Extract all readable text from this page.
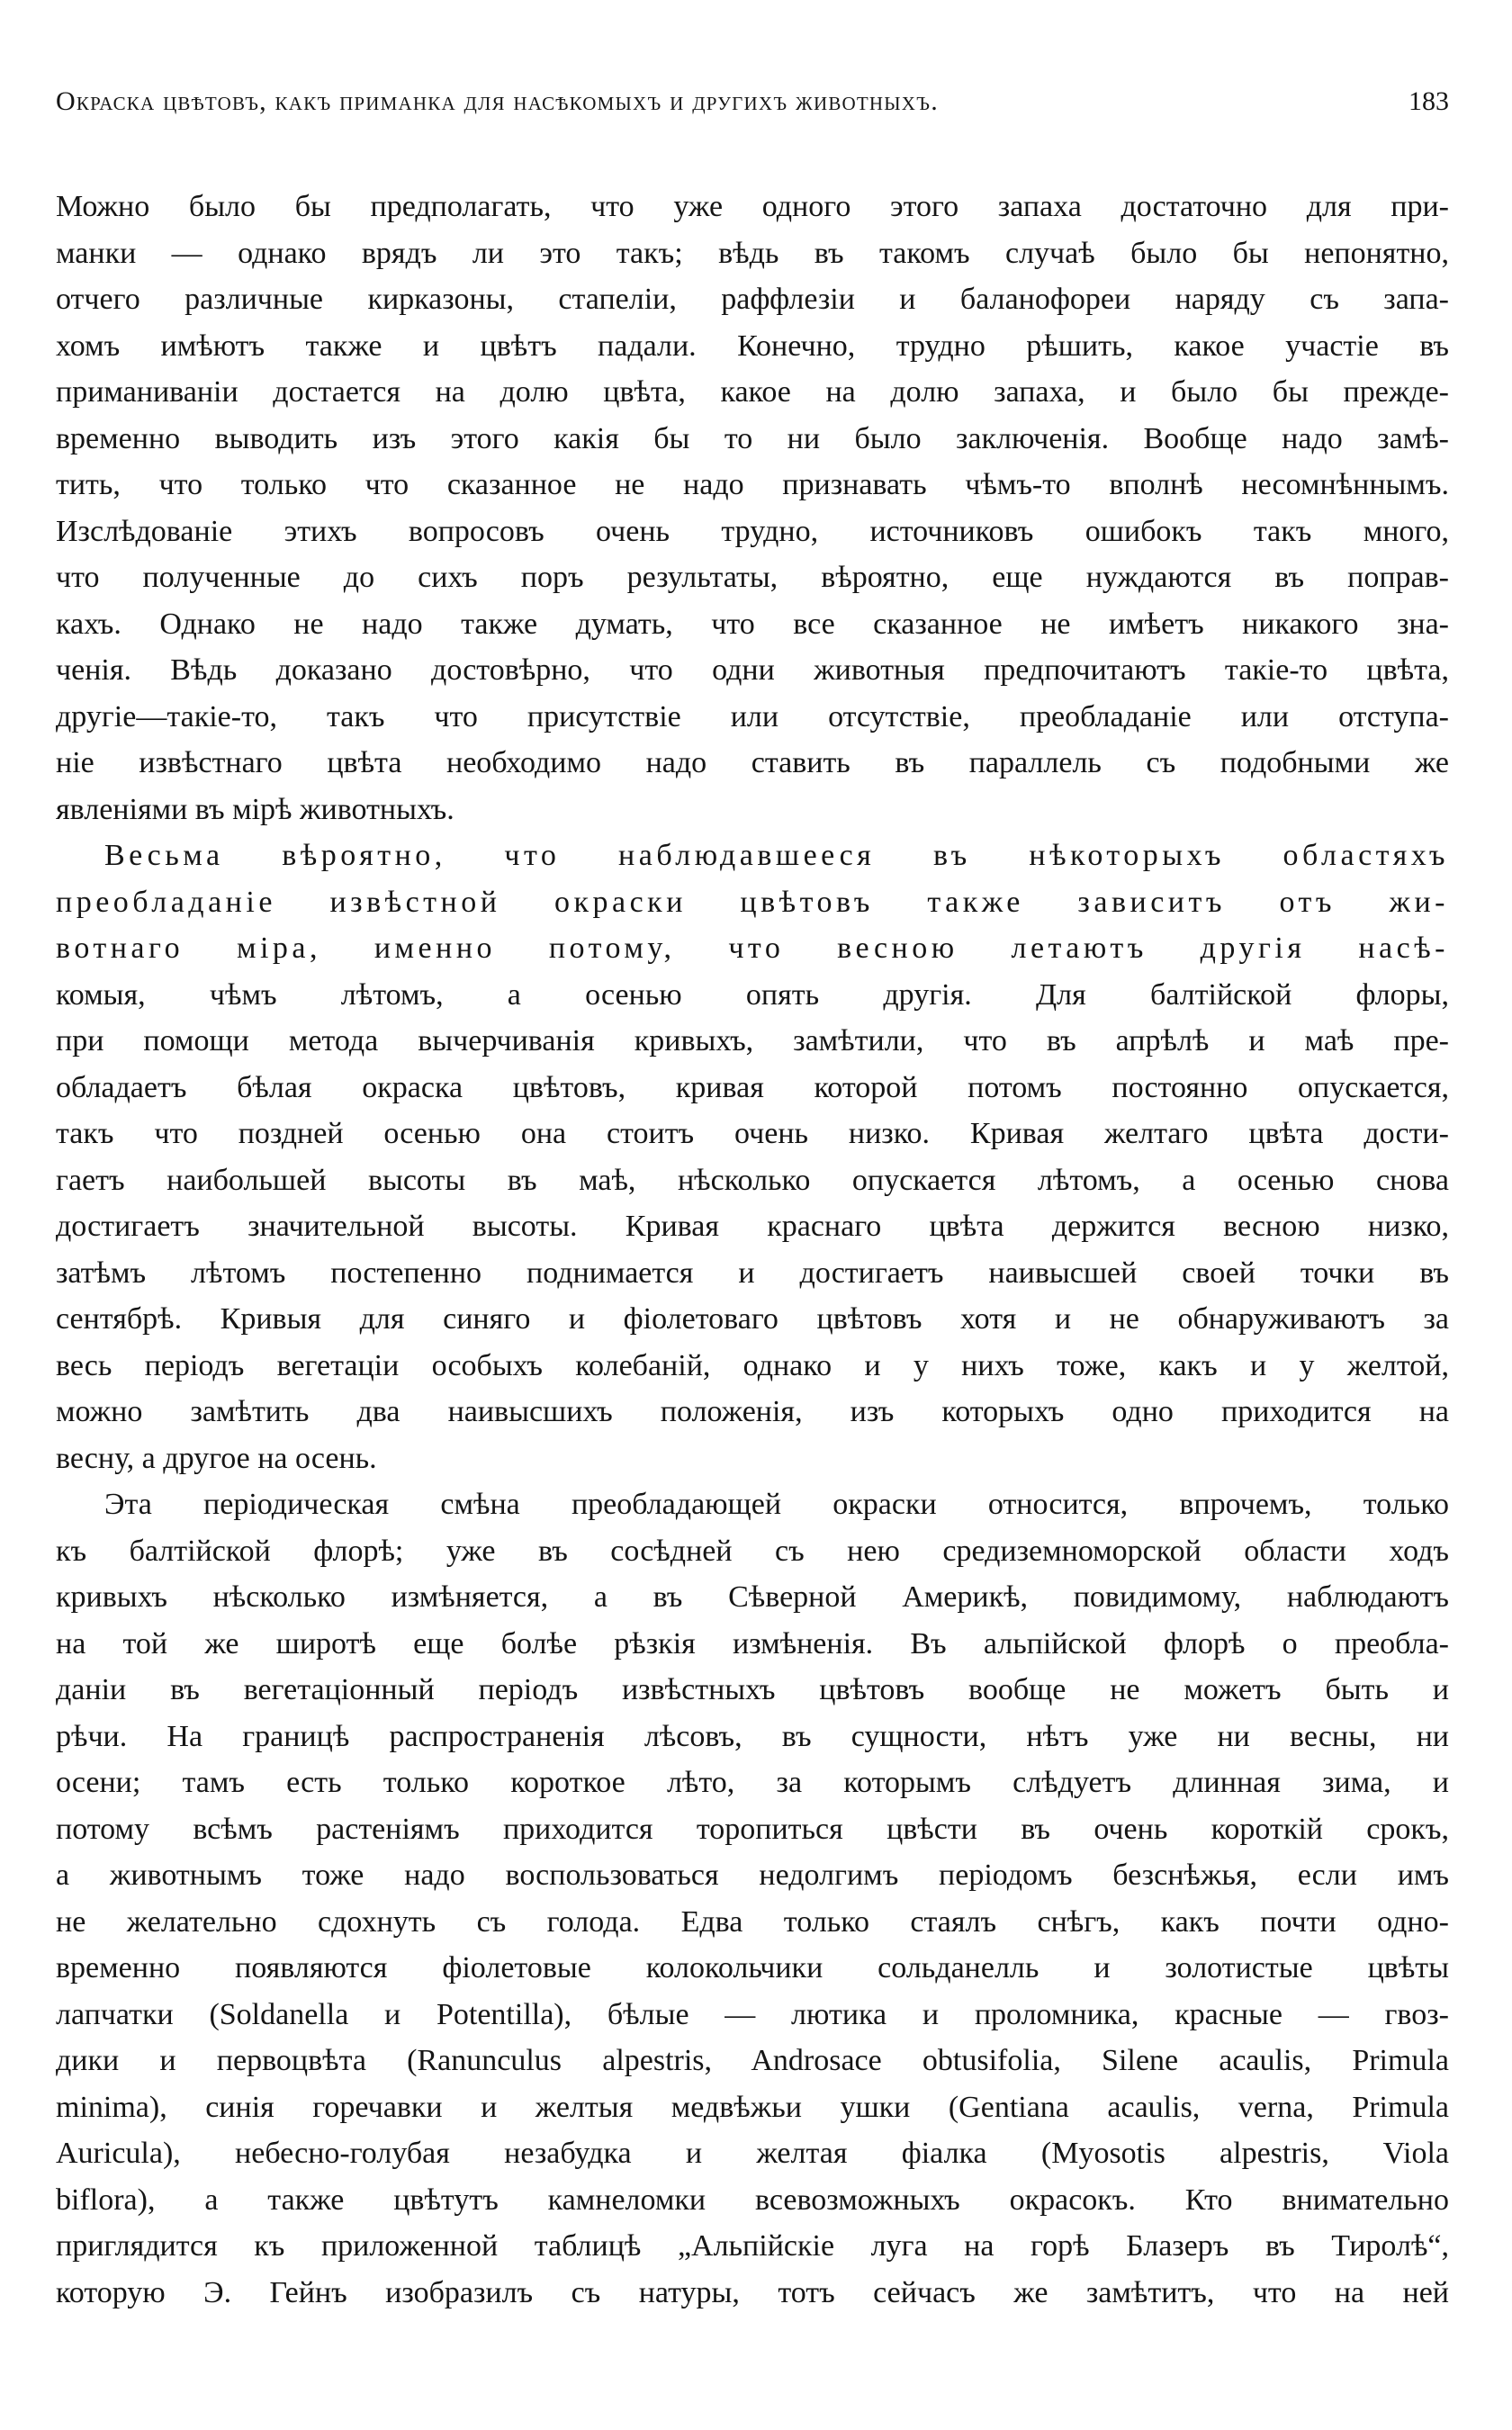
Окраска цвѣтовъ, какъ приманка для насѣкомыхъ и другихъ животныхъ.	183
Можно было бы предполагать, что уже одного этого запаха достаточно для при-
манки — однако врядъ ли это такъ; вѣдь въ такомъ случаѣ было бы непонятно,
отчего различные кирказоны, стапеліи, раффлезіи и баланофореи наряду съ запа-
хомъ имѣютъ также и цвѣтъ падали. Конечно, трудно рѣшить, какое участіе въ
приманиваніи достается на долю цвѣта, какое на долю запаха, и было бы преждe-
временно выводить изъ этого какія бы то ни было заключенія. Вообще надо замѣ-
тить, что только что сказанное не надо признавать чѣмъ-то вполнѣ несомнѣннымъ.
Изслѣдованіе этихъ вопросовъ очень трудно, источниковъ ошибокъ такъ много,
что полученные до сихъ поръ результаты, вѣроятно, еще нуждаются въ поправ-
кахъ. Однако не надо также думать, что все сказанное не имѣетъ никакого зна-
ченія. Вѣдь доказано достовѣрно, что одни животныя предпочитаютъ такіе-то цвѣта,
другіе—такіе-то, такъ что присутствіе или отсутствіе, преобладаніе или отступа-
ніе извѣстнаго цвѣта необходимо надо ставить въ параллель съ подобными же
явленіями въ мірѣ животныхъ.
Весьма вѣроятно, что наблюдавшееся въ нѣкоторыхъ областяхъ
преобладаніе извѣстной окраски цвѣтовъ также зависитъ отъ жи-
вотнаго міра, именно потому, что весною летаютъ другія насѣ-
комыя, чѣмъ лѣтомъ, а осенью опять другія. Для балтійской флоры,
при помощи метода вычерчиванія кривыхъ, замѣтили, что въ апрѣлѣ и маѣ пре-
обладаетъ бѣлая окраска цвѣтовъ, кривая которой потомъ постоянно опускается,
такъ что поздней осенью она стоитъ очень низко. Кривая желтаго цвѣта дости-
гаетъ наибольшей высоты въ маѣ, нѣсколько опускается лѣтомъ, а осенью снова
достигаетъ значительной высоты. Кривая краснаго цвѣта держится весною низко,
затѣмъ лѣтомъ постепенно поднимается и достигаетъ наивысшей своей точки въ
сентябрѣ. Кривыя для синяго и фіолетоваго цвѣтовъ хотя и не обнаруживаютъ за
весь періодъ вегетаціи особыхъ колебаній, однако и у нихъ тоже, какъ и у желтой,
можно замѣтить два наивысшихъ положенія, изъ которыхъ одно приходится на
весну, а другое на осень.
Эта періодическая смѣна преобладающей окраски относится, впрочемъ, только
къ балтійской флорѣ; уже въ сосѣдней съ нею средиземноморской области ходъ
кривыхъ нѣсколько измѣняется, а въ Сѣверной Америкѣ, повидимому, наблюдаютъ
на той же широтѣ еще болѣе рѣзкія измѣненія. Въ альпійской флорѣ о преобла-
даніи въ вегетаціонный періодъ извѣстныхъ цвѣтовъ вообще не можетъ быть и
рѣчи. На границѣ распространенія лѣсовъ, въ сущности, нѣтъ уже ни весны, ни
осени; тамъ есть только короткое лѣто, за которымъ слѣдуетъ длинная зима, и
потому всѣмъ растеніямъ приходится торопиться цвѣсти въ очень короткій срокъ,
а животнымъ тоже надо воспользоваться недолгимъ періодомъ безснѣжья, если имъ
не желательно сдохнуть съ голода. Едва только стаялъ снѣгъ, какъ почти одно-
временно появляются фіолетовые колокольчики сольданелль и золотистые цвѣты
лапчатки (Soldanella и Potentilla), бѣлые — лютика и проломника, красные — гвоз-
дики и первоцвѣта (Ranunculus alpestris, Androsace obtusifolia, Silene acaulis, Primula
minima), синія горечавки и желтыя медвѣжьи ушки (Gentiana acaulis, verna, Primula
Auricula), небесно-голубая незабудка и желтая фіалка (Myosotis alpestris, Viola
biflora), а также цвѣтутъ камнеломки всевозможныхъ окрасокъ. Кто внимательно
приглядится къ приложенной таблицѣ „Альпійскіе луга на горѣ Блазеръ въ Тиролѣ“,
которую Э. Гейнъ изобразилъ съ натуры, тотъ сейчасъ же замѣтитъ, что на ней
